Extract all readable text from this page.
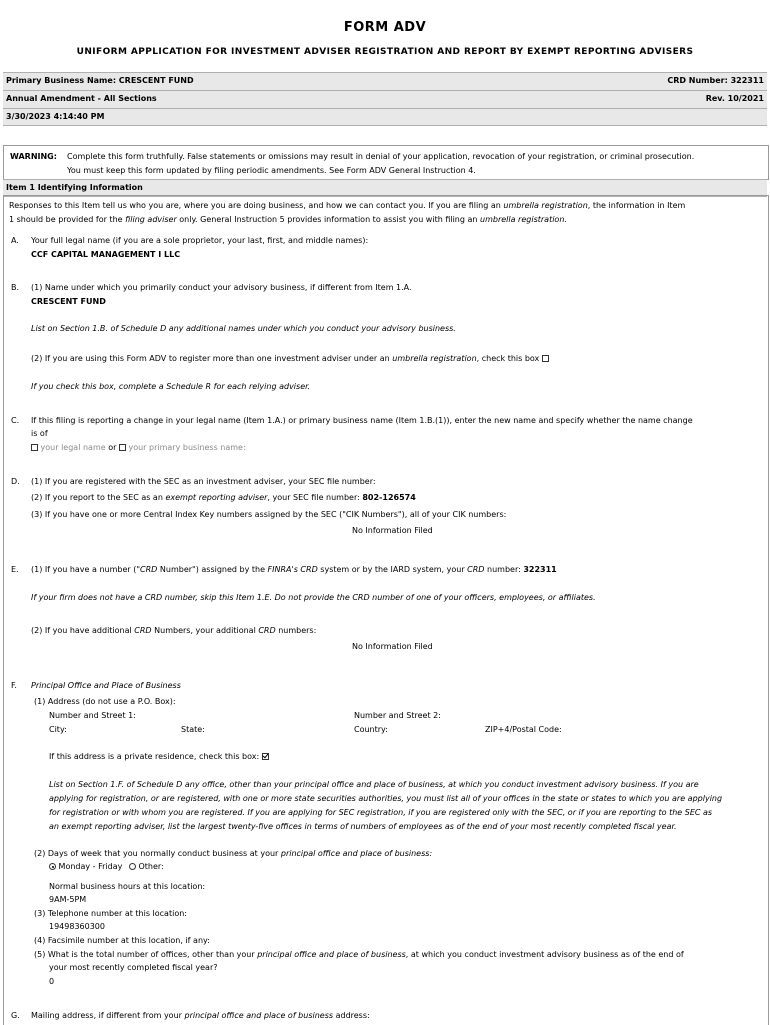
FORM ADV
UNIFORM APPLICATION FOR INVESTMENT ADVISER REGISTRATION AND REPORT BY EXEMPT REPORTING ADVISERS
Primary Business Name: CRESCENT FUND	CRD Number: 322311
Annual Amendment - All Sections	Rev. 10/2021
3/30/2023 4:14:40 PM
WARNING: Complete this form truthfully. False statements or omissions may result in denial of your application, revocation of your registration, or criminal prosecution.
You must keep this form updated by filing periodic amendments. See Form ADV General Instruction 4.
Item 1 Identifying Information
Responses to this Item tell us who you are, where you are doing business, and how we can contact you. If you are filing an umbrella registration, the information in Item
1 should be provided for the filing adviser only. General Instruction 5 provides information to assist you with filing an umbrella registration.
A. Your full legal name (if you are a sole proprietor, your last, first, and middle names):
CCF CAPITAL MANAGEMENT I LLC
B. (1) Name under which you primarily conduct your advisory business, if different from Item 1.A.
CRESCENT FUND
List on Section 1.B. of Schedule D any additional names under which you conduct your advisory business.
(2) If you are using this Form ADV to register more than one investment adviser under an umbrella registration, check this box
If you check this box, complete a Schedule R for each relying adviser.
C. If this filing is reporting a change in your legal name (Item 1.A.) or primary business name (Item 1.B.(1)), enter the new name and specify whether the name change
is of
your legal name or your primary business name:
D. (1) If you are registered with the SEC as an investment adviser, your SEC file number:
(2) If you report to the SEC as an exempt reporting adviser, your SEC file number: 802-126574
(3) If you have one or more Central Index Key numbers assigned by the SEC ("CIK Numbers"), all of your CIK numbers:
No Information Filed
E. (1) If you have a number ("CRD Number") assigned by the FINRA's CRD system or by the IARD system, your CRD number: 322311
If your firm does not have a CRD number, skip this Item 1.E. Do not provide the CRD number of one of your officers, employees, or affiliates.
(2) If you have additional CRD Numbers, your additional CRD numbers:
No Information Filed
F. Principal Office and Place of Business
(1) Address (do not use a P.O. Box):
Number and Street 1:	Number and Street 2:
City:	State:	Country:	ZIP+4/Postal Code:
If this address is a private residence, check this box:
List on Section 1.F. of Schedule D any office, other than your principal office and place of business, at which you conduct investment advisory business. If you are
applying for registration, or are registered, with one or more state securities authorities, you must list all of your offices in the state or states to which you are applying
for registration or with whom you are registered. If you are applying for SEC registration, if you are registered only with the SEC, or if you are reporting to the SEC as
an exempt reporting adviser, list the largest twenty-five offices in terms of numbers of employees as of the end of your most recently completed fiscal year.
(2) Days of week that you normally conduct business at your principal office and place of business:
Monday - Friday Other:
Normal business hours at this location:
9AM-5PM
(3) Telephone number at this location:
19498360300
(4) Facsimile number at this location, if any:
(5) What is the total number of offices, other than your principal office and place of business, at which you conduct investment advisory business as of the end of
your most recently completed fiscal year?
0
G. Mailing address, if different from your principal office and place of business address:
